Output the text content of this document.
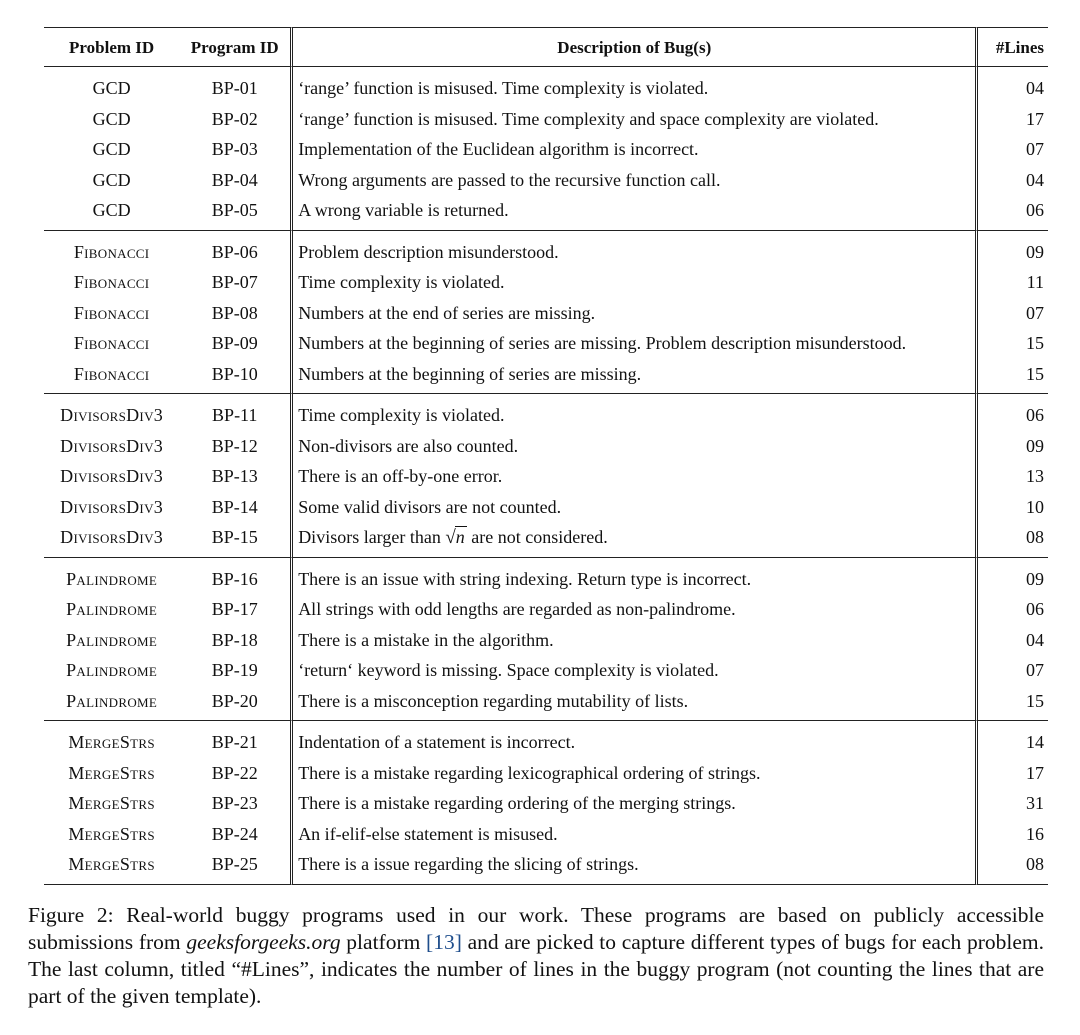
Problem ID	Program ID	Description of Bug(s)	#Lines
GCD	BP-01	‘range’ function is misused. Time complexity is violated.	04
GCD	BP-02	‘range’ function is misused. Time complexity and space complexity are violated.	17
GCD	BP-03	Implementation of the Euclidean algorithm is incorrect.	07
GCD	BP-04	Wrong arguments are passed to the recursive function call.	04
GCD	BP-05	A wrong variable is returned.	06
Fibonacci	BP-06	Problem description misunderstood.	09
Fibonacci	BP-07	Time complexity is violated.	11
Fibonacci	BP-08	Numbers at the end of series are missing.	07
Fibonacci	BP-09	Numbers at the beginning of series are missing. Problem description misunderstood.	15
Fibonacci	BP-10	Numbers at the beginning of series are missing.	15
DivisorsDiv3	BP-11	Time complexity is violated.	06
DivisorsDiv3	BP-12	Non-divisors are also counted.	09
DivisorsDiv3	BP-13	There is an off-by-one error.	13
DivisorsDiv3	BP-14	Some valid divisors are not counted.	10
DivisorsDiv3	BP-15	Divisors larger than √n are not considered.	08
Palindrome	BP-16	There is an issue with string indexing. Return type is incorrect.	09
Palindrome	BP-17	All strings with odd lengths are regarded as non-palindrome.	06
Palindrome	BP-18	There is a mistake in the algorithm.	04
Palindrome	BP-19	‘return‘ keyword is missing. Space complexity is violated.	07
Palindrome	BP-20	There is a misconception regarding mutability of lists.	15
MergeStrs	BP-21	Indentation of a statement is incorrect.	14
MergeStrs	BP-22	There is a mistake regarding lexicographical ordering of strings.	17
MergeStrs	BP-23	There is a mistake regarding ordering of the merging strings.	31
MergeStrs	BP-24	An if-elif-else statement is misused.	16
MergeStrs	BP-25	There is a issue regarding the slicing of strings.	08

Figure 2: Real-world buggy programs used in our work. These programs are based on publicly accessible submissions from geeksforgeeks.org platform [13] and are picked to capture different types of bugs for each problem. The last column, titled “#Lines”, indicates the number of lines in the buggy program (not counting the lines that are part of the given template).
